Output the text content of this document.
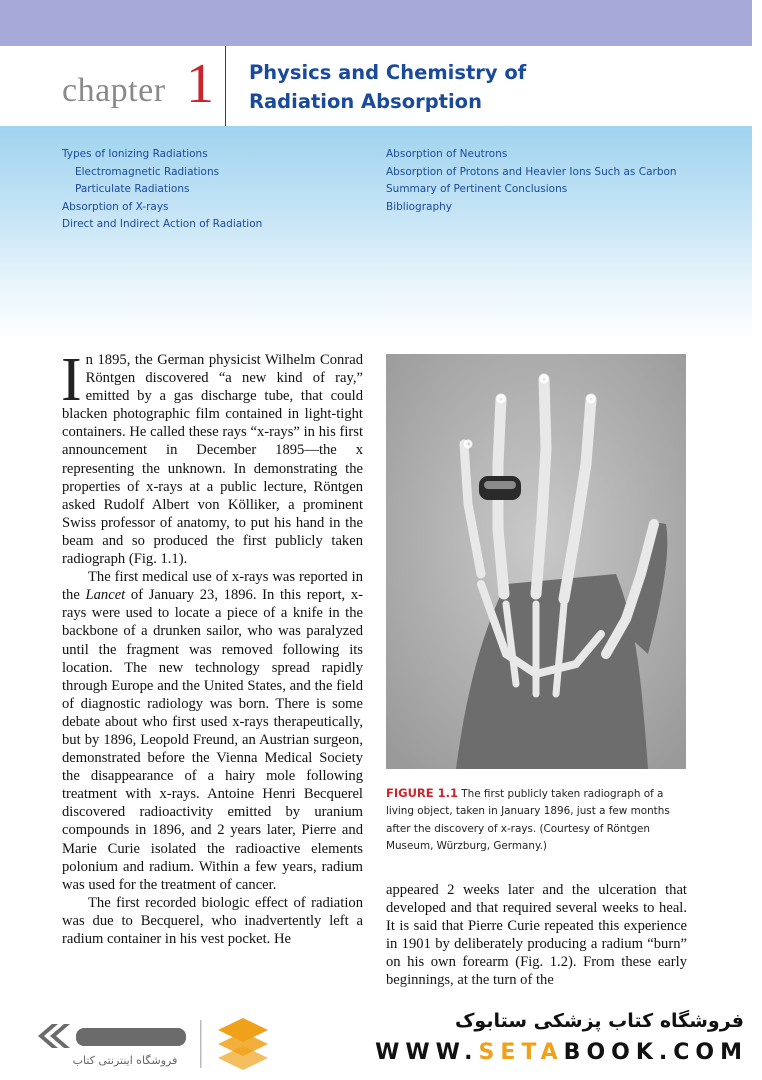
chapter 1 Physics and Chemistry of
Radiation Absorption
Types of Ionizing Radiations
Electromagnetic Radiations
Particulate Radiations
Absorption of X-rays
Direct and Indirect Action of Radiation
Absorption of Neutrons
Absorption of Protons and Heavier Ions Such as Carbon
Summary of Pertinent Conclusions
Bibliography

In 1895, the German physicist Wilhelm Conrad Röntgen discovered “a new kind of ray,” emitted by a gas discharge tube, that could blacken photographic film contained in light-tight containers. He called these rays “x-rays” in his first announcement in December 1895—the x representing the unknown. In demonstrating the properties of x-rays at a public lecture, Röntgen asked Rudolf Albert von Kölliker, a prominent Swiss professor of anatomy, to put his hand in the beam and so produced the first publicly taken radiograph (Fig. 1.1).

The first medical use of x-rays was reported in the Lancet of January 23, 1896. In this report, x-rays were used to locate a piece of a knife in the backbone of a drunken sailor, who was paralyzed until the fragment was removed following its location. The new technology spread rapidly through Europe and the United States, and the field of diagnostic radiology was born. There is some debate about who first used x-rays therapeutically, but by 1896, Leopold Freund, an Austrian surgeon, demonstrated before the Vienna Medical Society the disappearance of a hairy mole following treatment with x-rays. Antoine Henri Becquerel discovered radioactivity emitted by uranium compounds in 1896, and 2 years later, Pierre and Marie Curie isolated the radioactive elements polonium and radium. Within a few years, radium was used for the treatment of cancer.

The first recorded biologic effect of radiation was due to Becquerel, who inadvertently left a radium container in his vest pocket. He

FIGURE 1.1 The first publicly taken radiograph of a living object, taken in January 1896, just a few months after the discovery of x-rays. (Courtesy of Röntgen Museum, Würzburg, Germany.)

appeared 2 weeks later and the ulceration that developed and that required several weeks to heal. It is said that Pierre Curie repeated this experience in 1901 by deliberately producing a radium “burn” on his own forearm (Fig. 1.2). From these early beginnings, at the turn of the

فروشگاه اینترنتی کتاب
فروشگاه کتاب پزشکی ستابوک
WWW.SETABOOK.COM
